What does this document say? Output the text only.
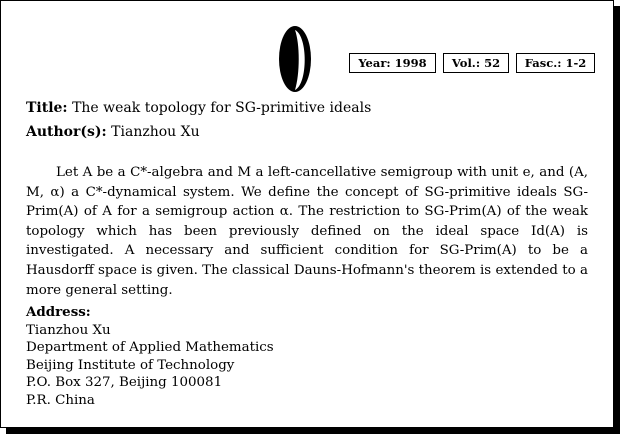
Year: 1998	Vol.: 52	Fasc.: 1-2
Title: The weak topology for SG-primitive ideals
Author(s): Tianzhou Xu

Let A be a C*-algebra and M a left-cancellative semigroup with unit e, and (A, M, α) a C*-dynamical system. We define the concept of SG-primitive ideals SG-Prim(A) of A for a semigroup action α. The restriction to SG-Prim(A) of the weak topology which has been previously defined on the ideal space Id(A) is investigated. A necessary and sufficient condition for SG-Prim(A) to be a Hausdorff space is given. The classical Dauns-Hofmann's theorem is extended to a more general setting.

Address:
Tianzhou Xu
Department of Applied Mathematics
Beijing Institute of Technology
P.O. Box 327, Beijing 100081
P.R. China
